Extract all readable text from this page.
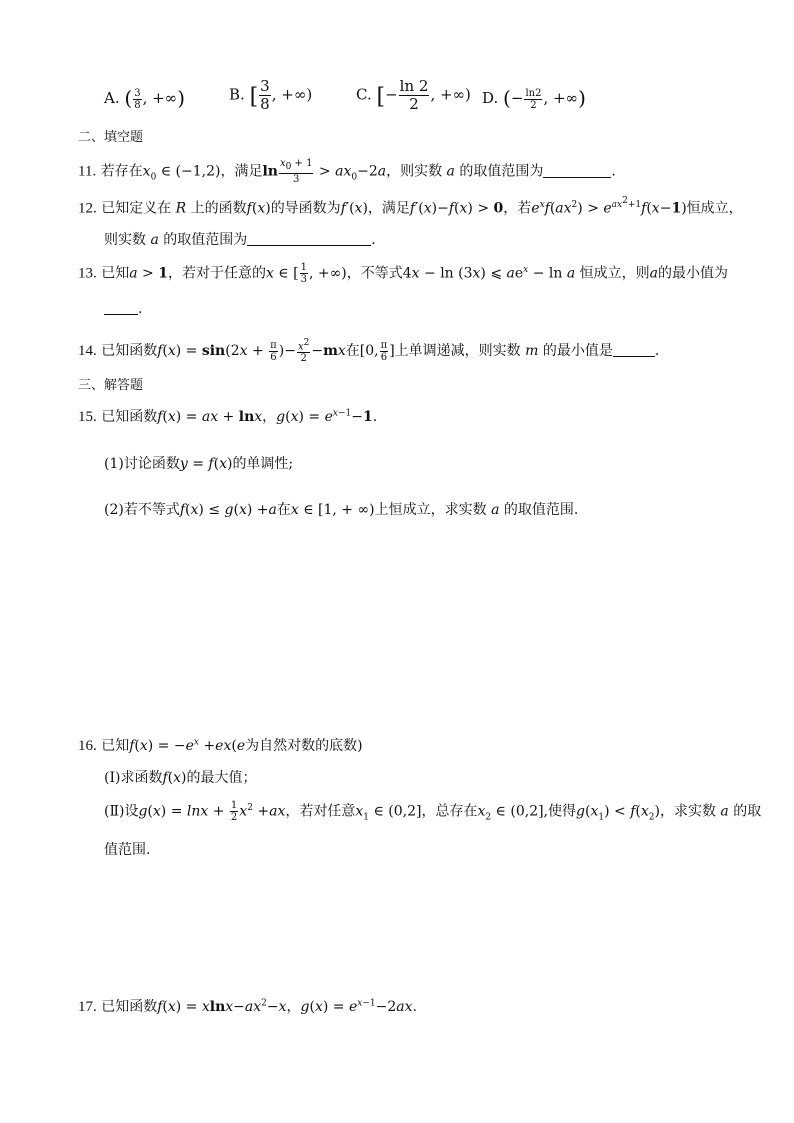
A. ( $\frac{3}{8}$ , +∞)	B. [ $\frac{3}{8}$ , +∞)	C. [− $\frac{\ln 2}{2}$ , +∞) D. (− $\frac{\ln 2}{2}$ , +∞)
二、填空题
11. 若存在$x_0$ ∈ (−1,2)，满足$\ln \frac{x_0 + 1}{3} > ax_0-2a$，则实数 a 的取值范围为	.
12. 已知定义在 R 上的函数f(x)的导函数为f′(x)，满足f′(x)−f(x) > 0，若$e^xf(ax^2) > e^{ax^2+1}f(x-1)$恒成立，
则实数 a 的取值范围为	.
13. 已知a > 1，若对于任意的x ∈ [ $\frac{1}{3}$ , +∞)，不等式4x − ln (3x) ⩽ $ae^x - \ln a$ 恒成立，则a的最小值为
.
14. 已知函数$f(x) = \sin(2x + \frac{\pi}{6}$ )− $\frac{x^2}{2} -mx$在[0, $\frac{\pi}{6}$ ]上单调递减，则实数 m 的最小值是	.
三、解答题
15. 已知函数f(x) = ax + lnx，$g(x) = e^{x-1}-1$.
(1)讨论函数y = f(x)的单调性;
(2)若不等式f(x) ≤ g(x) +a在x ∈ [1, + ∞)上恒成立，求实数 a 的取值范围.
16. 已知$f(x) = -e^x +ex(e$为自然对数的底数)
(Ⅰ)求函数f(x)的最大值；
(Ⅱ)设$g(x) = \ln x + \frac{1}{2} x^2 +ax$，若对任意$x_1$ ∈ (0,2]，总存在$x_2$ ∈ (0,2],使得$g(x_1) < f(x_2)$，求实数 a 的取
值范围.
17. 已知函数$f(x) = xlnx-ax^2-x$，$g(x) = e^{x-1}-2ax$.
